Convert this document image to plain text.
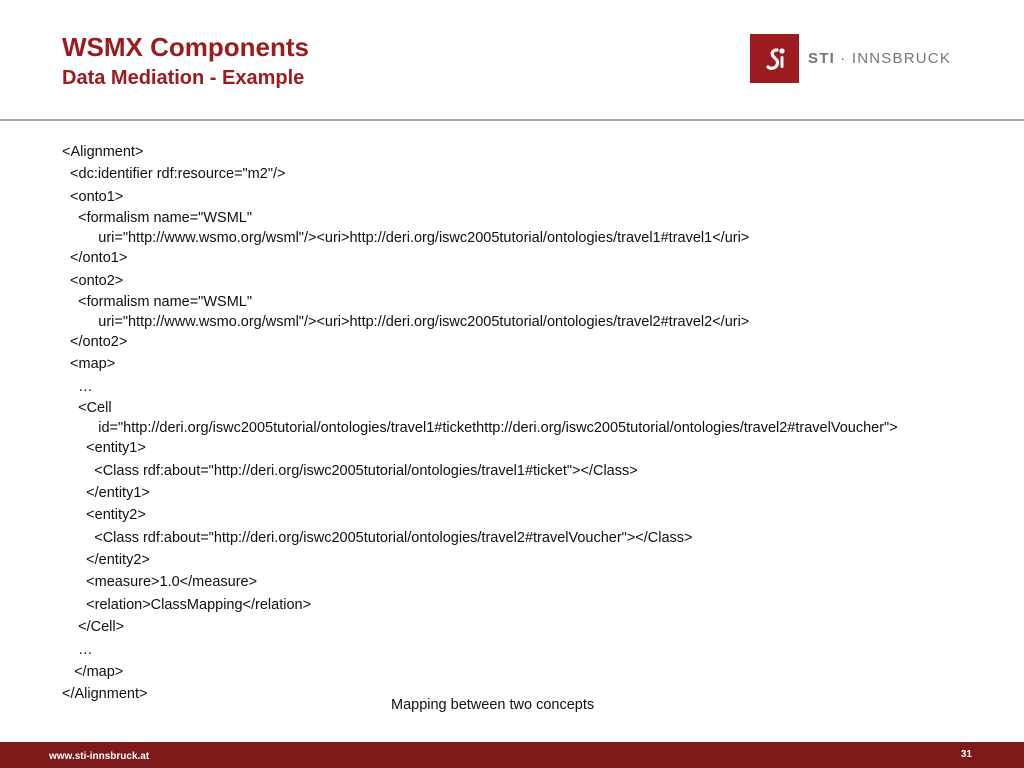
WSMX Components
Data Mediation - Example
STI · INNSBRUCK
<Alignment>
<dc:identifier rdf:resource="m2"/>
<onto1>
<formalism name="WSML"
uri="http://www.wsmo.org/wsml"/><uri>http://deri.org/iswc2005tutorial/ontologies/travel1#travel1</uri>
</onto1>
<onto2>
<formalism name="WSML"
uri="http://www.wsmo.org/wsml"/><uri>http://deri.org/iswc2005tutorial/ontologies/travel2#travel2</uri>
</onto2>
<map>
…
<Cell
id="http://deri.org/iswc2005tutorial/ontologies/travel1#tickethttp://deri.org/iswc2005tutorial/ontologies/travel2#travelVoucher">
<entity1>
<Class rdf:about="http://deri.org/iswc2005tutorial/ontologies/travel1#ticket"></Class>
</entity1>
<entity2>
<Class rdf:about="http://deri.org/iswc2005tutorial/ontologies/travel2#travelVoucher"></Class>
</entity2>
<measure>1.0</measure>
<relation>ClassMapping</relation>
</Cell>
…
</map>
</Alignment>
Mapping between two concepts
www.sti-innsbruck.at	31
